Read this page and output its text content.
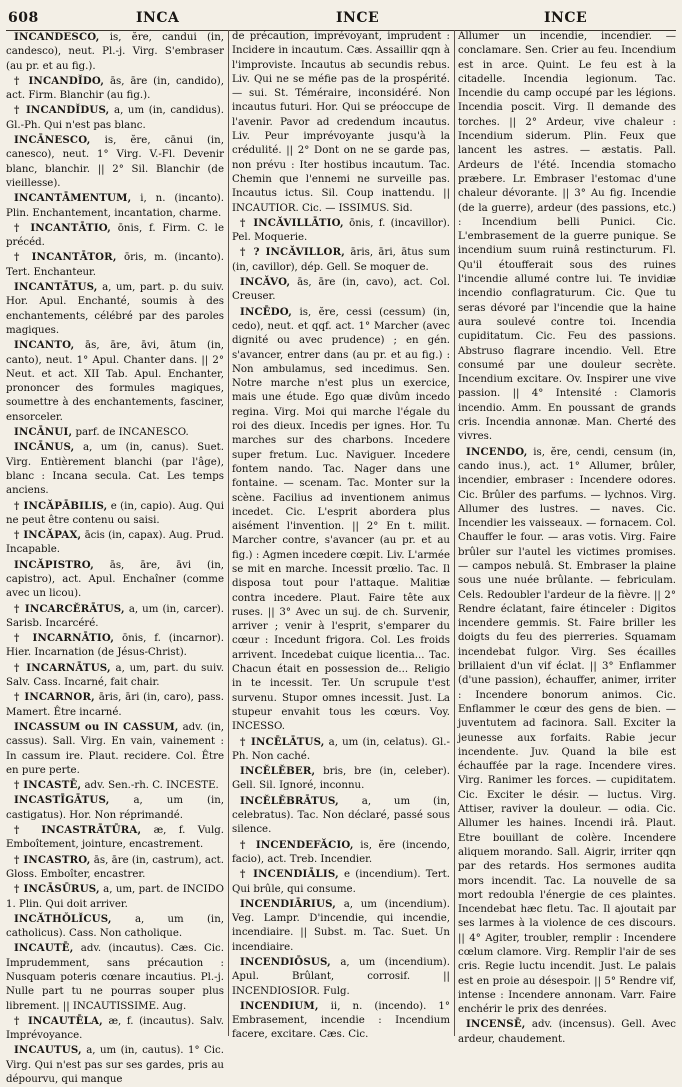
608	INCA	INCE	INCE

INCANDESCO, is, ĕre, candui (in, candesco), neut. Pl.-j. Virg. S'embraser (au pr. et au fig.).

† INCANDĬDO, ās, āre (in, candido), act. Firm. Blanchir (au fig.).

† INCANDĬDUS, a, um (in, candidus). Gl.-Ph. Qui n'est pas blanc.

INCĀNESCO, is, ĕre, cānui (in, canesco), neut. 1° Virg. V.-Fl. Devenir blanc, blanchir. || 2° Sil. Blanchir (de vieillesse).

INCANTĀMENTUM, i, n. (incanto). Plin. Enchantement, incantation, charme.

† INCANTĀTIO, ōnis, f. Firm. C. le précéd.

† INCANTĀTOR, ōris, m. (incanto). Tert. Enchanteur.

INCANTĀTUS, a, um, part. p. du suiv. Hor. Apul. Enchanté, soumis à des enchantements, célébré par des paroles magiques.

INCANTO, ās, āre, āvi, ātum (in, canto), neut. 1° Apul. Chanter dans. || 2° Neut. et act. XII Tab. Apul. Enchanter, prononcer des formules magiques, soumettre à des enchantements, fasciner, ensorceler.

INCĀNUI, parf. de INCANESCO.

INCĀNUS, a, um (in, canus). Suet. Virg. Entièrement blanchi (par l'âge), blanc : Incana secula. Cat. Les temps anciens.

† INCĂPĀBILIS, e (in, capio). Aug. Qui ne peut être contenu ou saisi.

† INCĂPAX, ācis (in, capax). Aug. Prud. Incapable.

INCĂPISTRO, ās, āre, āvi (in, capistro), act. Apul. Enchaîner (comme avec un licou).

† INCARCĔRĀTUS, a, um (in, carcer). Sarisb. Incarcéré.

† INCARNĀTIO, ōnis, f. (incarnor). Hier. Incarnation (de Jésus-Christ).

† INCARNĀTUS, a, um, part. du suiv. Salv. Cass. Incarné, fait chair.

† INCARNOR, āris, āri (in, caro), pass. Mamert. Être incarné.

INCASSUM ou IN CASSUM, adv. (in, cassus). Sall. Virg. En vain, vainement : In cassum ire. Plaut. recidere. Col. Être en pure perte.

† INCASTĒ, adv. Sen.-rh. C. INCESTE.

INCASTĪGĀTUS, a, um (in, castigatus). Hor. Non réprimandé.

† INCASTRĀTŪRA, æ, f. Vulg. Emboîtement, jointure, encastrement.

† INCASTRO, ās, āre (in, castrum), act. Gloss. Emboîter, encastrer.

† INCĀSŪRUS, a, um, part. de INCIDO 1. Plin. Qui doit arriver.

INCĂTHŎLĬCUS, a, um (in, catholicus). Cass. Non catholique.

INCAUTĒ, adv. (incautus). Cæs. Cic. Imprudemment, sans précaution : Nusquam poteris cœnare incautius. Pl.-j. Nulle part tu ne pourras souper plus librement. || INCAUTISSIME. Aug.

† INCAUTĒLA, æ, f. (incautus). Salv. Imprévoyance.

INCAUTUS, a, um (in, cautus). 1° Cic. Virg. Qui n'est pas sur ses gardes, pris au dépourvu, qui manque

de précaution, imprévoyant, imprudent : Incidere in incautum. Cæs. Assaillir qqn à l'improviste. Incautus ab secundis rebus. Liv. Qui ne se méfie pas de la prospérité. — sui. St. Téméraire, inconsidéré. Non incautus futuri. Hor. Qui se préoccupe de l'avenir. Pavor ad credendum incautus. Liv. Peur imprévoyante jusqu'à la crédulité. || 2° Dont on ne se garde pas, non prévu : Iter hostibus incautum. Tac. Chemin que l'ennemi ne surveille pas. Incautus ictus. Sil. Coup inattendu. || INCAUTIOR. Cic. — ISSIMUS. Sid.

† INCĂVILLĀTIO, ōnis, f. (incavillor). Pel. Moquerie.

† ? INCĂVILLOR, āris, āri, ātus sum (in, cavillor), dép. Gell. Se moquer de.

INCĂVO, ās, āre (in, cavo), act. Col. Creuser.

INCĒDO, is, ĕre, cessi (cessum) (in, cedo), neut. et qqf. act. 1° Marcher (avec dignité ou avec prudence) ; en gén. s'avancer, entrer dans (au pr. et au fig.) : Non ambulamus, sed incedimus. Sen. Notre marche n'est plus un exercice, mais une étude. Ego quæ divûm incedo regina. Virg. Moi qui marche l'égale du roi des dieux. Incedis per ignes. Hor. Tu marches sur des charbons. Incedere super fretum. Luc. Naviguer. Incedere fontem nando. Tac. Nager dans une fontaine. — scenam. Tac. Monter sur la scène. Facilius ad inventionem animus incedet. Cic. L'esprit abordera plus aisément l'invention. || 2° En t. milit. Marcher contre, s'avancer (au pr. et au fig.) : Agmen incedere cœpit. Liv. L'armée se mit en marche. Incessit prœlio. Tac. Il disposa tout pour l'attaque. Malitiæ contra incedere. Plaut. Faire tête aux ruses. || 3° Avec un suj. de ch. Survenir, arriver ; venir à l'esprit, s'emparer du cœur : Incedunt frigora. Col. Les froids arrivent. Incedebat cuique licentia... Tac. Chacun était en possession de... Religio in te incessit. Ter. Un scrupule t'est survenu. Stupor omnes incessit. Just. La stupeur envahit tous les cœurs. Voy. INCESSO.

† INCĒLĀTUS, a, um (in, celatus). Gl.-Ph. Non caché.

INCĔLĔBER, bris, bre (in, celeber). Gell. Sil. Ignoré, inconnu.

INCĔLĔBRĀTUS, a, um (in, celebratus). Tac. Non déclaré, passé sous silence.

† INCENDEFĂCIO, is, ĕre (incendo, facio), act. Treb. Incendier.

† INCENDIĀLIS, e (incendium). Tert. Qui brûle, qui consume.

INCENDIĀRIUS, a, um (incendium). Veg. Lampr. D'incendie, qui incendie, incendiaire. || Subst. m. Tac. Suet. Un incendiaire.

INCENDIŌSUS, a, um (incendium). Apul. Brûlant, corrosif. || INCENDIOSIOR. Fulg.

INCENDIUM, ii, n. (incendo). 1° Embrasement, incendie : Incendium facere, excitare. Cæs. Cic.

Allumer un incendie, incendier. — conclamare. Sen. Crier au feu. Incendium est in arce. Quint. Le feu est à la citadelle. Incendia legionum. Tac. Incendie du camp occupé par les légions. Incendia poscit. Virg. Il demande des torches. || 2° Ardeur, vive chaleur : Incendium siderum. Plin. Feux que lancent les astres. — æstatis. Pall. Ardeurs de l'été. Incendia stomacho præbere. Lr. Embraser l'estomac d'une chaleur dévorante. || 3° Au fig. Incendie (de la guerre), ardeur (des passions, etc.) : Incendium belli Punici. Cic. L'embrasement de la guerre punique. Se incendium suum ruinâ restincturum. Fl. Qu'il étoufferait sous des ruines l'incendie allumé contre lui. Te invidiæ incendio conflagraturum. Cic. Que tu seras dévoré par l'incendie que la haine aura soulevé contre toi. Incendia cupiditatum. Cic. Feu des passions. Abstruso flagrare incendio. Vell. Etre consumé par une douleur secrète. Incendium excitare. Ov. Inspirer une vive passion. || 4° Intensité : Clamoris incendio. Amm. En poussant de grands cris. Incendia annonæ. Man. Cherté des vivres.

INCENDO, is, ĕre, cendi, censum (in, cando inus.), act. 1° Allumer, brûler, incendier, embraser : Incendere odores. Cic. Brûler des parfums. — lychnos. Virg. Allumer des lustres. — naves. Cic. Incendier les vaisseaux. — fornacem. Col. Chauffer le four. — aras votis. Virg. Faire brûler sur l'autel les victimes promises. — campos nebulâ. St. Embraser la plaine sous une nuée brûlante. — febriculam. Cels. Redoubler l'ardeur de la fièvre. || 2° Rendre éclatant, faire étinceler : Digitos incendere gemmis. St. Faire briller les doigts du feu des pierreries. Squamam incendebat fulgor. Virg. Ses écailles brillaient d'un vif éclat. || 3° Enflammer (d'une passion), échauffer, animer, irriter : Incendere bonorum animos. Cic. Enflammer le cœur des gens de bien. — juventutem ad facinora. Sall. Exciter la jeunesse aux forfaits. Rabie jecur incendente. Juv. Quand la bile est échauffée par la rage. Incendere vires. Virg. Ranimer les forces. — cupiditatem. Cic. Exciter le désir. — luctus. Virg. Attiser, raviver la douleur. — odia. Cic. Allumer les haines. Incendi irâ. Plaut. Etre bouillant de colère. Incendere aliquem morando. Sall. Aigrir, irriter qqn par des retards. Hos sermones audita mors incendit. Tac. La nouvelle de sa mort redoubla l'énergie de ces plaintes. Incendebat hæc fletu. Tac. Il ajoutait par ses larmes à la violence de ces discours. || 4° Agiter, troubler, remplir : Incendere cœlum clamore. Virg. Remplir l'air de ses cris. Regie luctu incendit. Just. Le palais est en proie au désespoir. || 5° Rendre vif, intense : Incendere annonam. Varr. Faire enchérir le prix des denrées.

INCENSĒ, adv. (incensus). Gell. Avec ardeur, chaudement.
